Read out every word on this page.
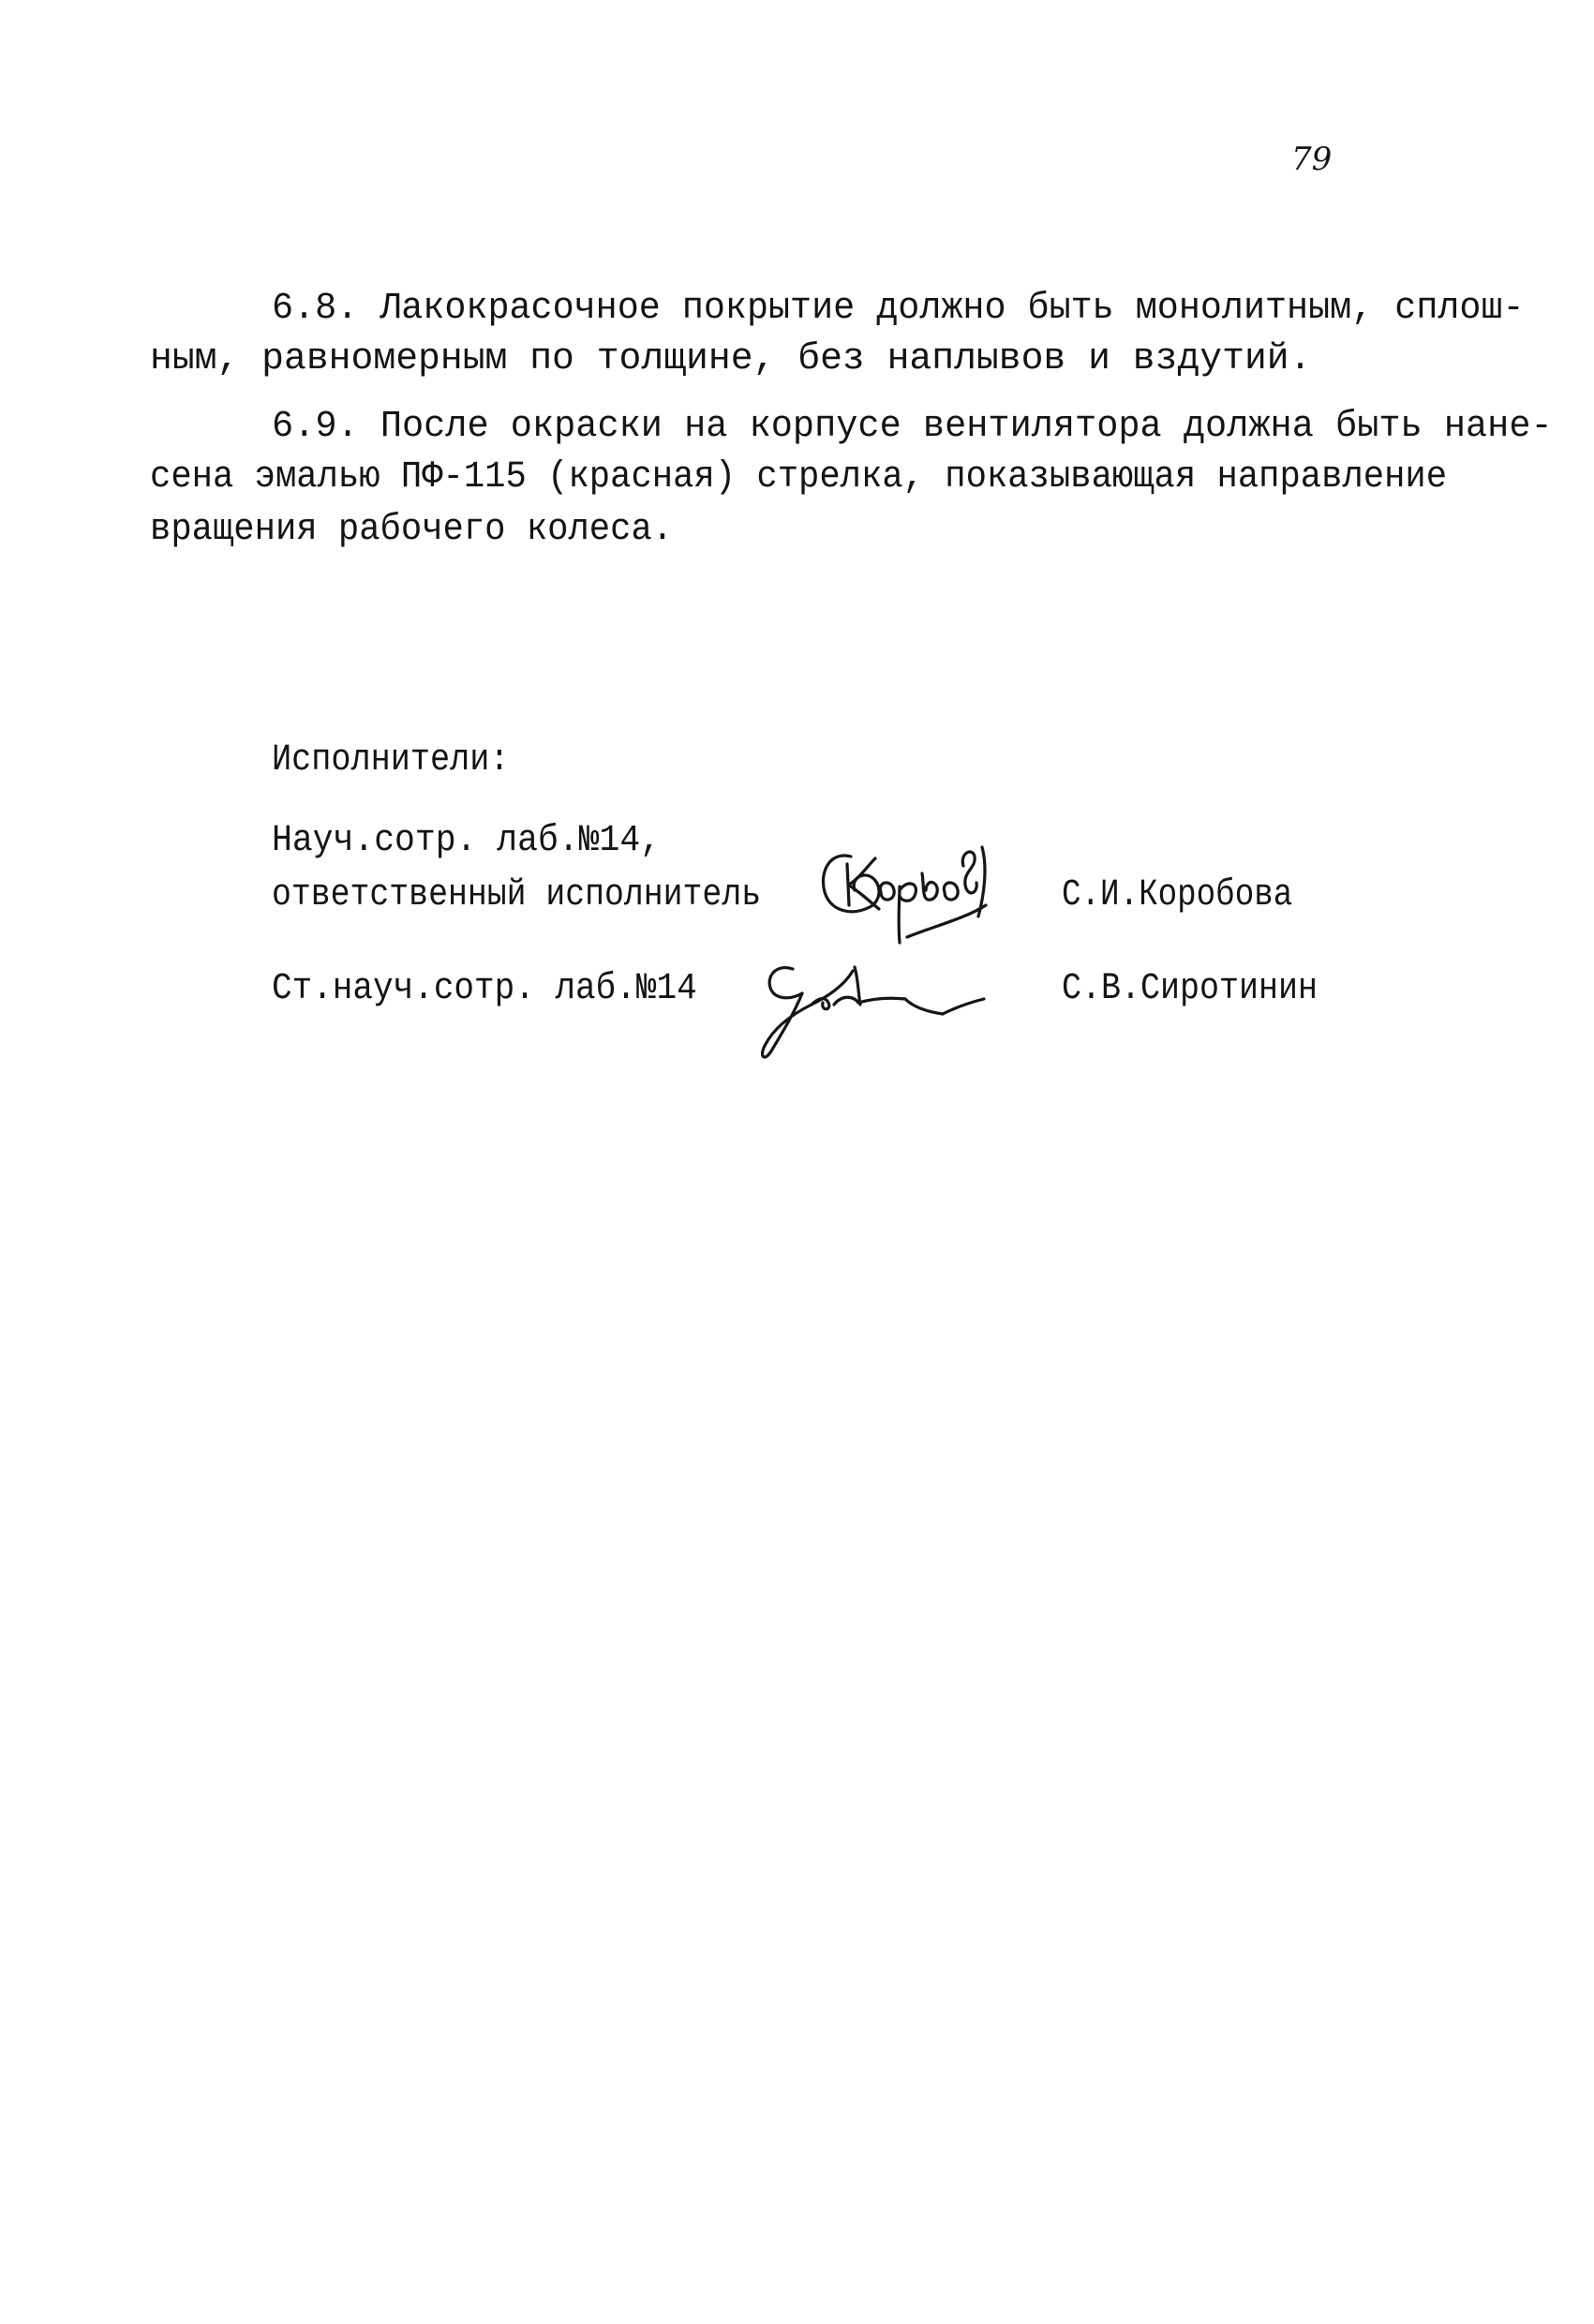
79
6.8. Лакокрасочное покрытие должно быть монолитным, сплош-
ным, равномерным по толщине, без наплывов и вздутий.
6.9. После окраски на корпусе вентилятора должна быть нане-
сена эмалью ПФ-115 (красная) стрелка, показывающая направление
вращения рабочего колеса.
Исполнители:
Науч.сотр. лаб.№14,
ответственный исполнитель	С.И.Коробова
Ст.науч.сотр. лаб.№14	С.В.Сиротинин
